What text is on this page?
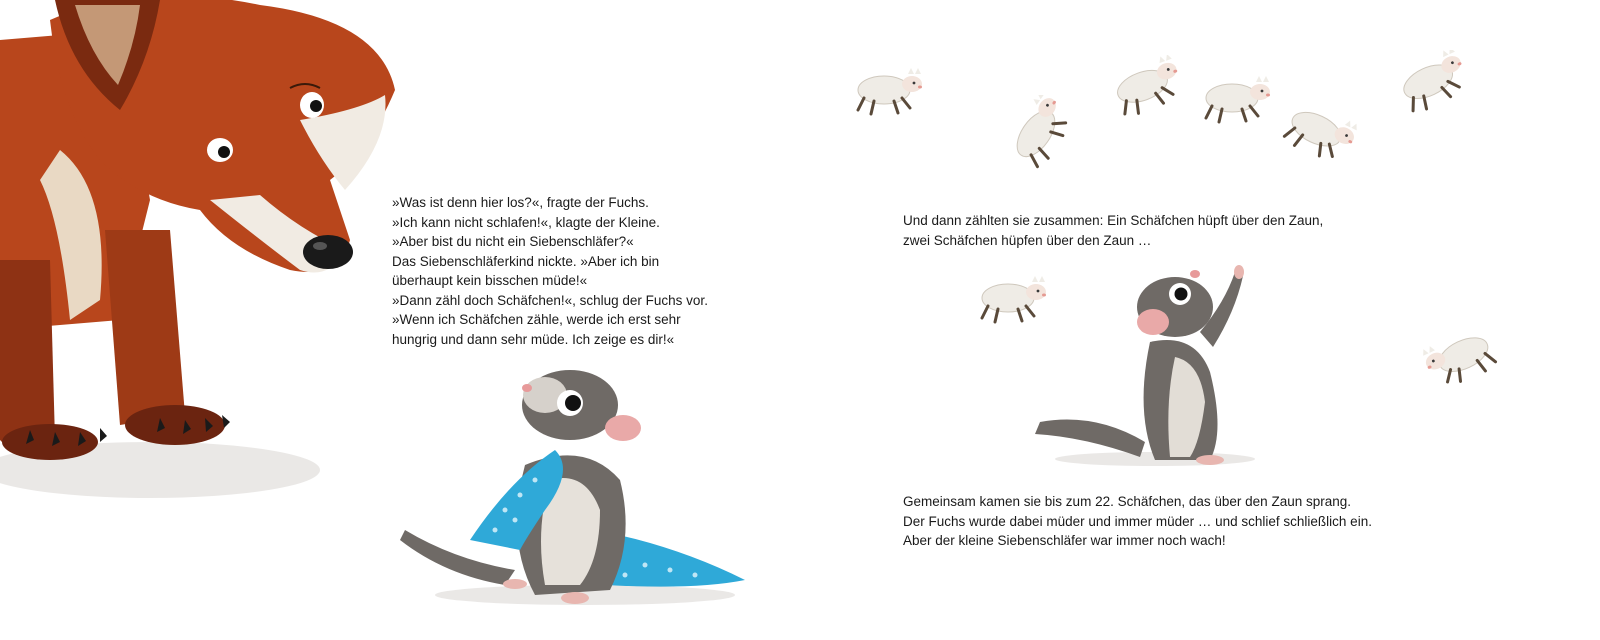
»Was ist denn hier los?«, fragte der Fuchs.

»Ich kann nicht schlafen!«, klagte der Kleine.

»Aber bist du nicht ein Siebenschläfer?«

Das Siebenschläferkind nickte. »Aber ich bin

überhaupt kein bisschen müde!«

»Dann zähl doch Schäfchen!«, schlug der Fuchs vor.

»Wenn ich Schäfchen zähle, werde ich erst sehr

hungrig und dann sehr müde. Ich zeige es dir!«

Und dann zählten sie zusammen: Ein Schäfchen hüpft über den Zaun,

zwei Schäfchen hüpfen über den Zaun …

Gemeinsam kamen sie bis zum 22. Schäfchen, das über den Zaun sprang.

Der Fuchs wurde dabei müder und immer müder … und schlief schließlich ein.

Aber der kleine Siebenschläfer war immer noch wach!
